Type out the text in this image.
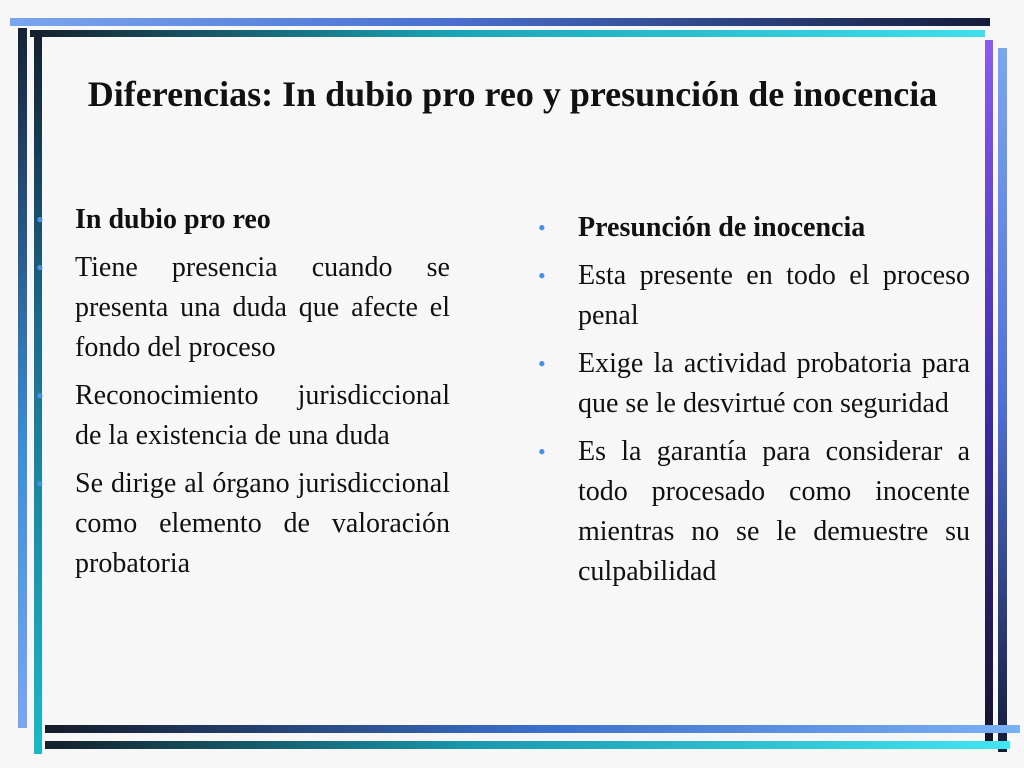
Diferencias: In dubio pro reo y presunción de inocencia
• In dubio pro reo
• Tiene presencia cuando se presenta una duda que afecte el fondo del proceso
• Reconocimiento jurisdiccional de la existencia de una duda
• Se dirige al órgano jurisdiccional como elemento de valoración probatoria
• Presunción de inocencia
• Esta presente en todo el proceso penal
• Exige la actividad probatoria para que se le desvirtué con seguridad
• Es la garantía para considerar a todo procesado como inocente mientras no se le demuestre su culpabilidad
